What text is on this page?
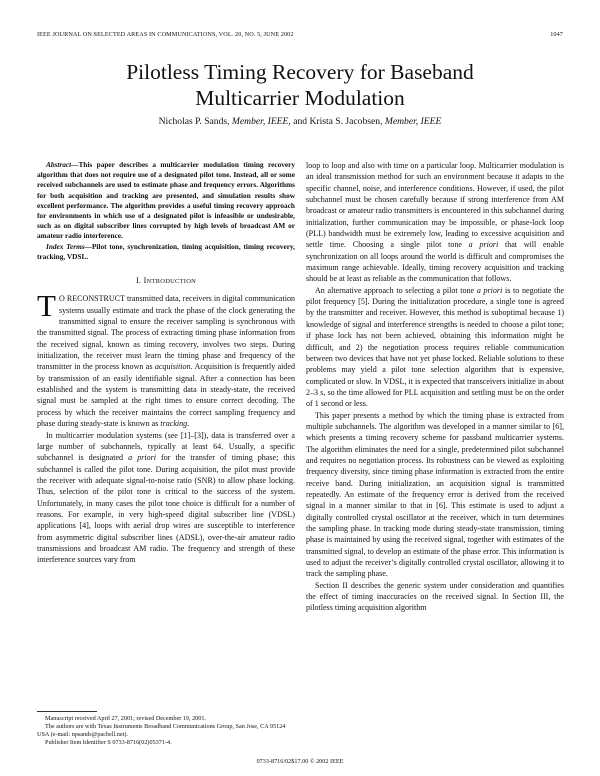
IEEE JOURNAL ON SELECTED AREAS IN COMMUNICATIONS, VOL. 20, NO. 5, JUNE 2002	1047
Pilotless Timing Recovery for Baseband
Multicarrier Modulation
Nicholas P. Sands, Member, IEEE, and Krista S. Jacobsen, Member, IEEE

Abstract—This paper describes a multicarrier modulation timing recovery algorithm that does not require use of a designated pilot tone. Instead, all or some received subchannels are used to estimate phase and frequency errors. Algorithms for both acquisition and tracking are presented, and simulation results show excellent performance. The algorithm provides a useful timing recovery approach for environments in which use of a designated pilot is infeasible or undesirable, such as on digital subscriber lines corrupted by high levels of broadcast AM or amateur radio interference.

Index Terms—Pilot tone, synchronization, timing acquisition, timing recovery, tracking, VDSL.

I. INTRODUCTION

T O RECONSTRUCT transmitted data, receivers in digital communication systems usually estimate and track the phase of the clock generating the transmitted signal to ensure the receiver sampling is synchronous with the transmitted signal. The process of extracting timing phase information from the received signal, known as timing recovery, involves two steps. During initialization, the receiver must learn the timing phase and frequency of the transmitter in the process known as acquisition. Acquisition is frequently aided by transmission of an easily identifiable signal. After a connection has been established and the system is transmitting data in steady-state, the received signal must be sampled at the right times to ensure correct decoding. The process by which the receiver maintains the correct sampling frequency and phase during steady-state is known as tracking.

In multicarrier modulation systems (see [1]–[3]), data is transferred over a large number of subchannels, typically at least 64. Usually, a specific subchannel is designated a priori for the transfer of timing phase; this subchannel is called the pilot tone. During acquisition, the pilot must provide the receiver with adequate signal-to-noise ratio (SNR) to allow phase locking. Thus, selection of the pilot tone is critical to the success of the system. Unfortunately, in many cases the pilot tone choice is difficult for a number of reasons. For example, in very high-speed digital subscriber line (VDSL) applications [4], loops with aerial drop wires are susceptible to interference from asymmetric digital subscriber lines (ADSL), over-the-air amateur radio transmissions and broadcast AM radio. The frequency and strength of these interference sources vary from

loop to loop and also with time on a particular loop. Multicarrier modulation is an ideal transmission method for such an environment because it adapts to the specific channel, noise, and interference conditions. However, if used, the pilot subchannel must be chosen carefully because if strong interference from AM broadcast or amateur radio transmitters is encountered in this subchannel during initialization, further communication may be impossible, or phase-lock loop (PLL) bandwidth must be extremely low, leading to excessive acquisition and settle time. Choosing a single pilot tone a priori that will enable synchronization on all loops around the world is difficult and compromises the maximum range achievable. Ideally, timing recovery acquisition and tracking should be at least as reliable as the communication that follows.

An alternative approach to selecting a pilot tone a priori is to negotiate the pilot frequency [5]. During the initialization procedure, a single tone is agreed by the transmitter and receiver. However, this method is suboptimal because 1) knowledge of signal and interference strengths is needed to choose a pilot tone; if phase lock has not been achieved, obtaining this information might be difficult, and 2) the negotiation process requires reliable communication between two devices that have not yet phase locked. Reliable solutions to these problems may yield a pilot tone selection algorithm that is expensive, complicated or slow. In VDSL, it is expected that transceivers initialize in about 2–3 s, so the time allowed for PLL acquisition and settling must be on the order of 1 second or less.

This paper presents a method by which the timing phase is extracted from multiple subchannels. The algorithm was developed in a manner similar to [6], which presents a timing recovery scheme for passband multicarrier systems. The algorithm eliminates the need for a single, predetermined pilot subchannel and requires no negotiation process. Its robustness can be viewed as exploiting frequency diversity, since timing phase information is extracted from the entire receive band. During initialization, an acquisition signal is transmitted repeatedly. An estimate of the frequency error is derived from the received signal in a manner similar to that in [6]. This estimate is used to adjust a digitally controlled crystal oscillator at the receiver, which in turn determines the sampling phase. In tracking mode during steady-state transmission, timing phase is maintained by using the received signal, together with estimates of the transmitted signal, to develop an estimate of the phase error. This information is used to adjust the receiver’s digitally controlled crystal oscillator, allowing it to track the sampling phase.

Section II describes the generic system under consideration and quantifies the effect of timing inaccuracies on the received signal. In Section III, the pilotless timing acquisition algorithm

Manuscript received April 27, 2001; revised December 19, 2001.

The authors are with Texas Instruments Broadband Communications Group, San Jose, CA 95124 USA (e-mail: npsands@pacbell.net).

Publisher Item Identifier S 0733-8716(02)05371-4.

0733-8716/02$17.00 © 2002 IEEE
